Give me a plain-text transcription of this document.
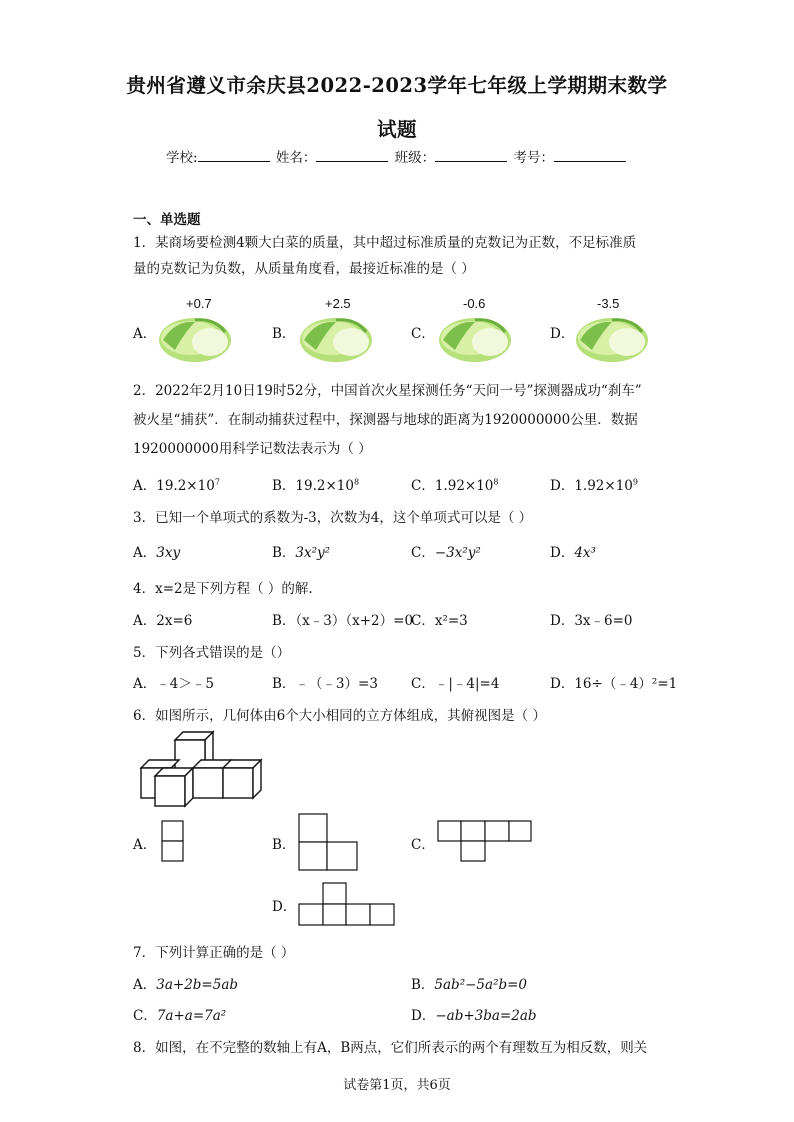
贵州省遵义市余庆县2022-2023学年七年级上学期期末数学
试题
学校:	姓名：	班级：	考号：
一、单选题
1．某商场要检测4颗大白菜的质量，其中超过标准质量的克数记为正数，不足标准质
量的克数记为负数，从质量角度看，最接近标准的是（ ）
A．
+0.7
B．
+2.5
C．
-0.6
D．
-3.5
2．2022年2月10日19时52分，中国首次火星探测任务“天问一号”探测器成功“刹车”
被火星“捕获”．在制动捕获过程中，探测器与地球的距离为1920000000公里．数据
1920000000用科学记数法表示为（ ）
A．$19.2\times 10^7$	B．$19.2\times 10^8$	C．$1.92\times 10^8$	D．$1.92\times 10^9$
3．已知一个单项式的系数为-3，次数为4，这个单项式可以是（ ）
A．3xy	B．3x²y²	C．−3x²y²	D．4x³
4．x=2是下列方程（ ）的解.
A．2x=6	B．（x﹣3）（x+2）=0
C．x²=3	D．3x﹣6=0
5．下列各式错误的是（）
A．﹣4＞﹣5	B．﹣（﹣3）=3 C．﹣|﹣4|=4	D．16÷（﹣4）²=1
6．如图所示，几何体由6个大小相同的立方体组成，其俯视图是（ ）
A．	B．	C．
D．
7．下列计算正确的是（ ）
A．3a+2b=5ab	B．5ab²−5a²b=0
C．7a+a=7a²	D．−ab+3ba=2ab
8．如图，在不完整的数轴上有A，B两点，它们所表示的两个有理数互为相反数，则关
试卷第1页，共6页
